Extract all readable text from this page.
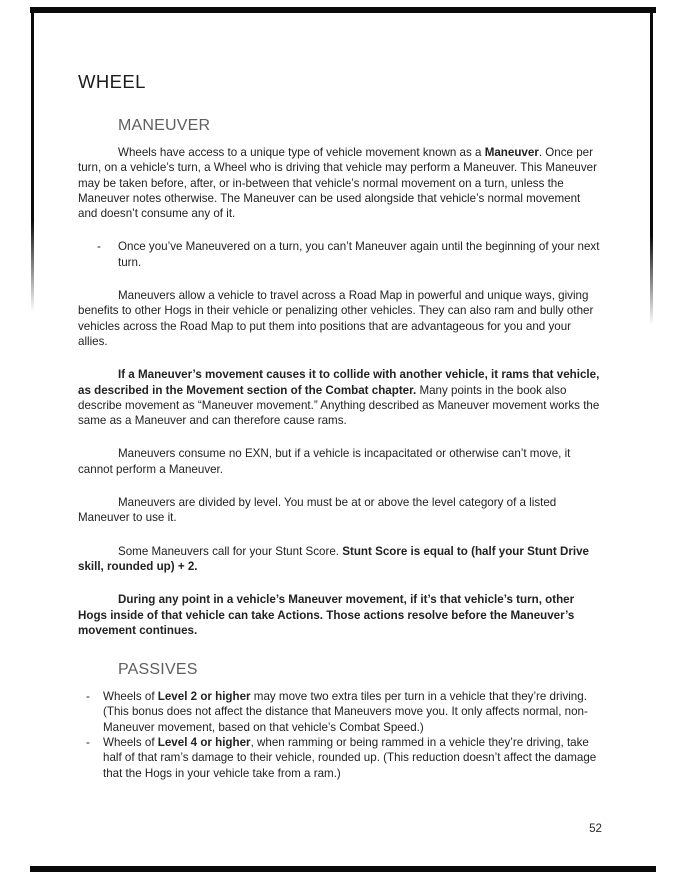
WHEEL
MANEUVER

Wheels have access to a unique type of vehicle movement known as a Maneuver. Once per turn, on a vehicle’s turn, a Wheel who is driving that vehicle may perform a Maneuver. This Maneuver may be taken before, after, or in-between that vehicle’s normal movement on a turn, unless the Maneuver notes otherwise. The Maneuver can be used alongside that vehicle’s normal movement and doesn’t consume any of it.

- Once you’ve Maneuvered on a turn, you can’t Maneuver again until the beginning of your next turn.

Maneuvers allow a vehicle to travel across a Road Map in powerful and unique ways, giving benefits to other Hogs in their vehicle or penalizing other vehicles. They can also ram and bully other vehicles across the Road Map to put them into positions that are advantageous for you and your allies.

If a Maneuver’s movement causes it to collide with another vehicle, it rams that vehicle, as described in the Movement section of the Combat chapter. Many points in the book also describe movement as “Maneuver movement.” Anything described as Maneuver movement works the same as a Maneuver and can therefore cause rams.

Maneuvers consume no EXN, but if a vehicle is incapacitated or otherwise can’t move, it cannot perform a Maneuver.

Maneuvers are divided by level. You must be at or above the level category of a listed Maneuver to use it.

Some Maneuvers call for your Stunt Score. Stunt Score is equal to (half your Stunt Drive skill, rounded up) + 2.

During any point in a vehicle’s Maneuver movement, if it’s that vehicle’s turn, other Hogs inside of that vehicle can take Actions. Those actions resolve before the Maneuver’s movement continues.

PASSIVES
- Wheels of Level 2 or higher may move two extra tiles per turn in a vehicle that they’re driving. (This bonus does not affect the distance that Maneuvers move you. It only affects normal, non-Maneuver movement, based on that vehicle’s Combat Speed.)
- Wheels of Level 4 or higher, when ramming or being rammed in a vehicle they’re driving, take half of that ram’s damage to their vehicle, rounded up. (This reduction doesn’t affect the damage that the Hogs in your vehicle take from a ram.)
52
